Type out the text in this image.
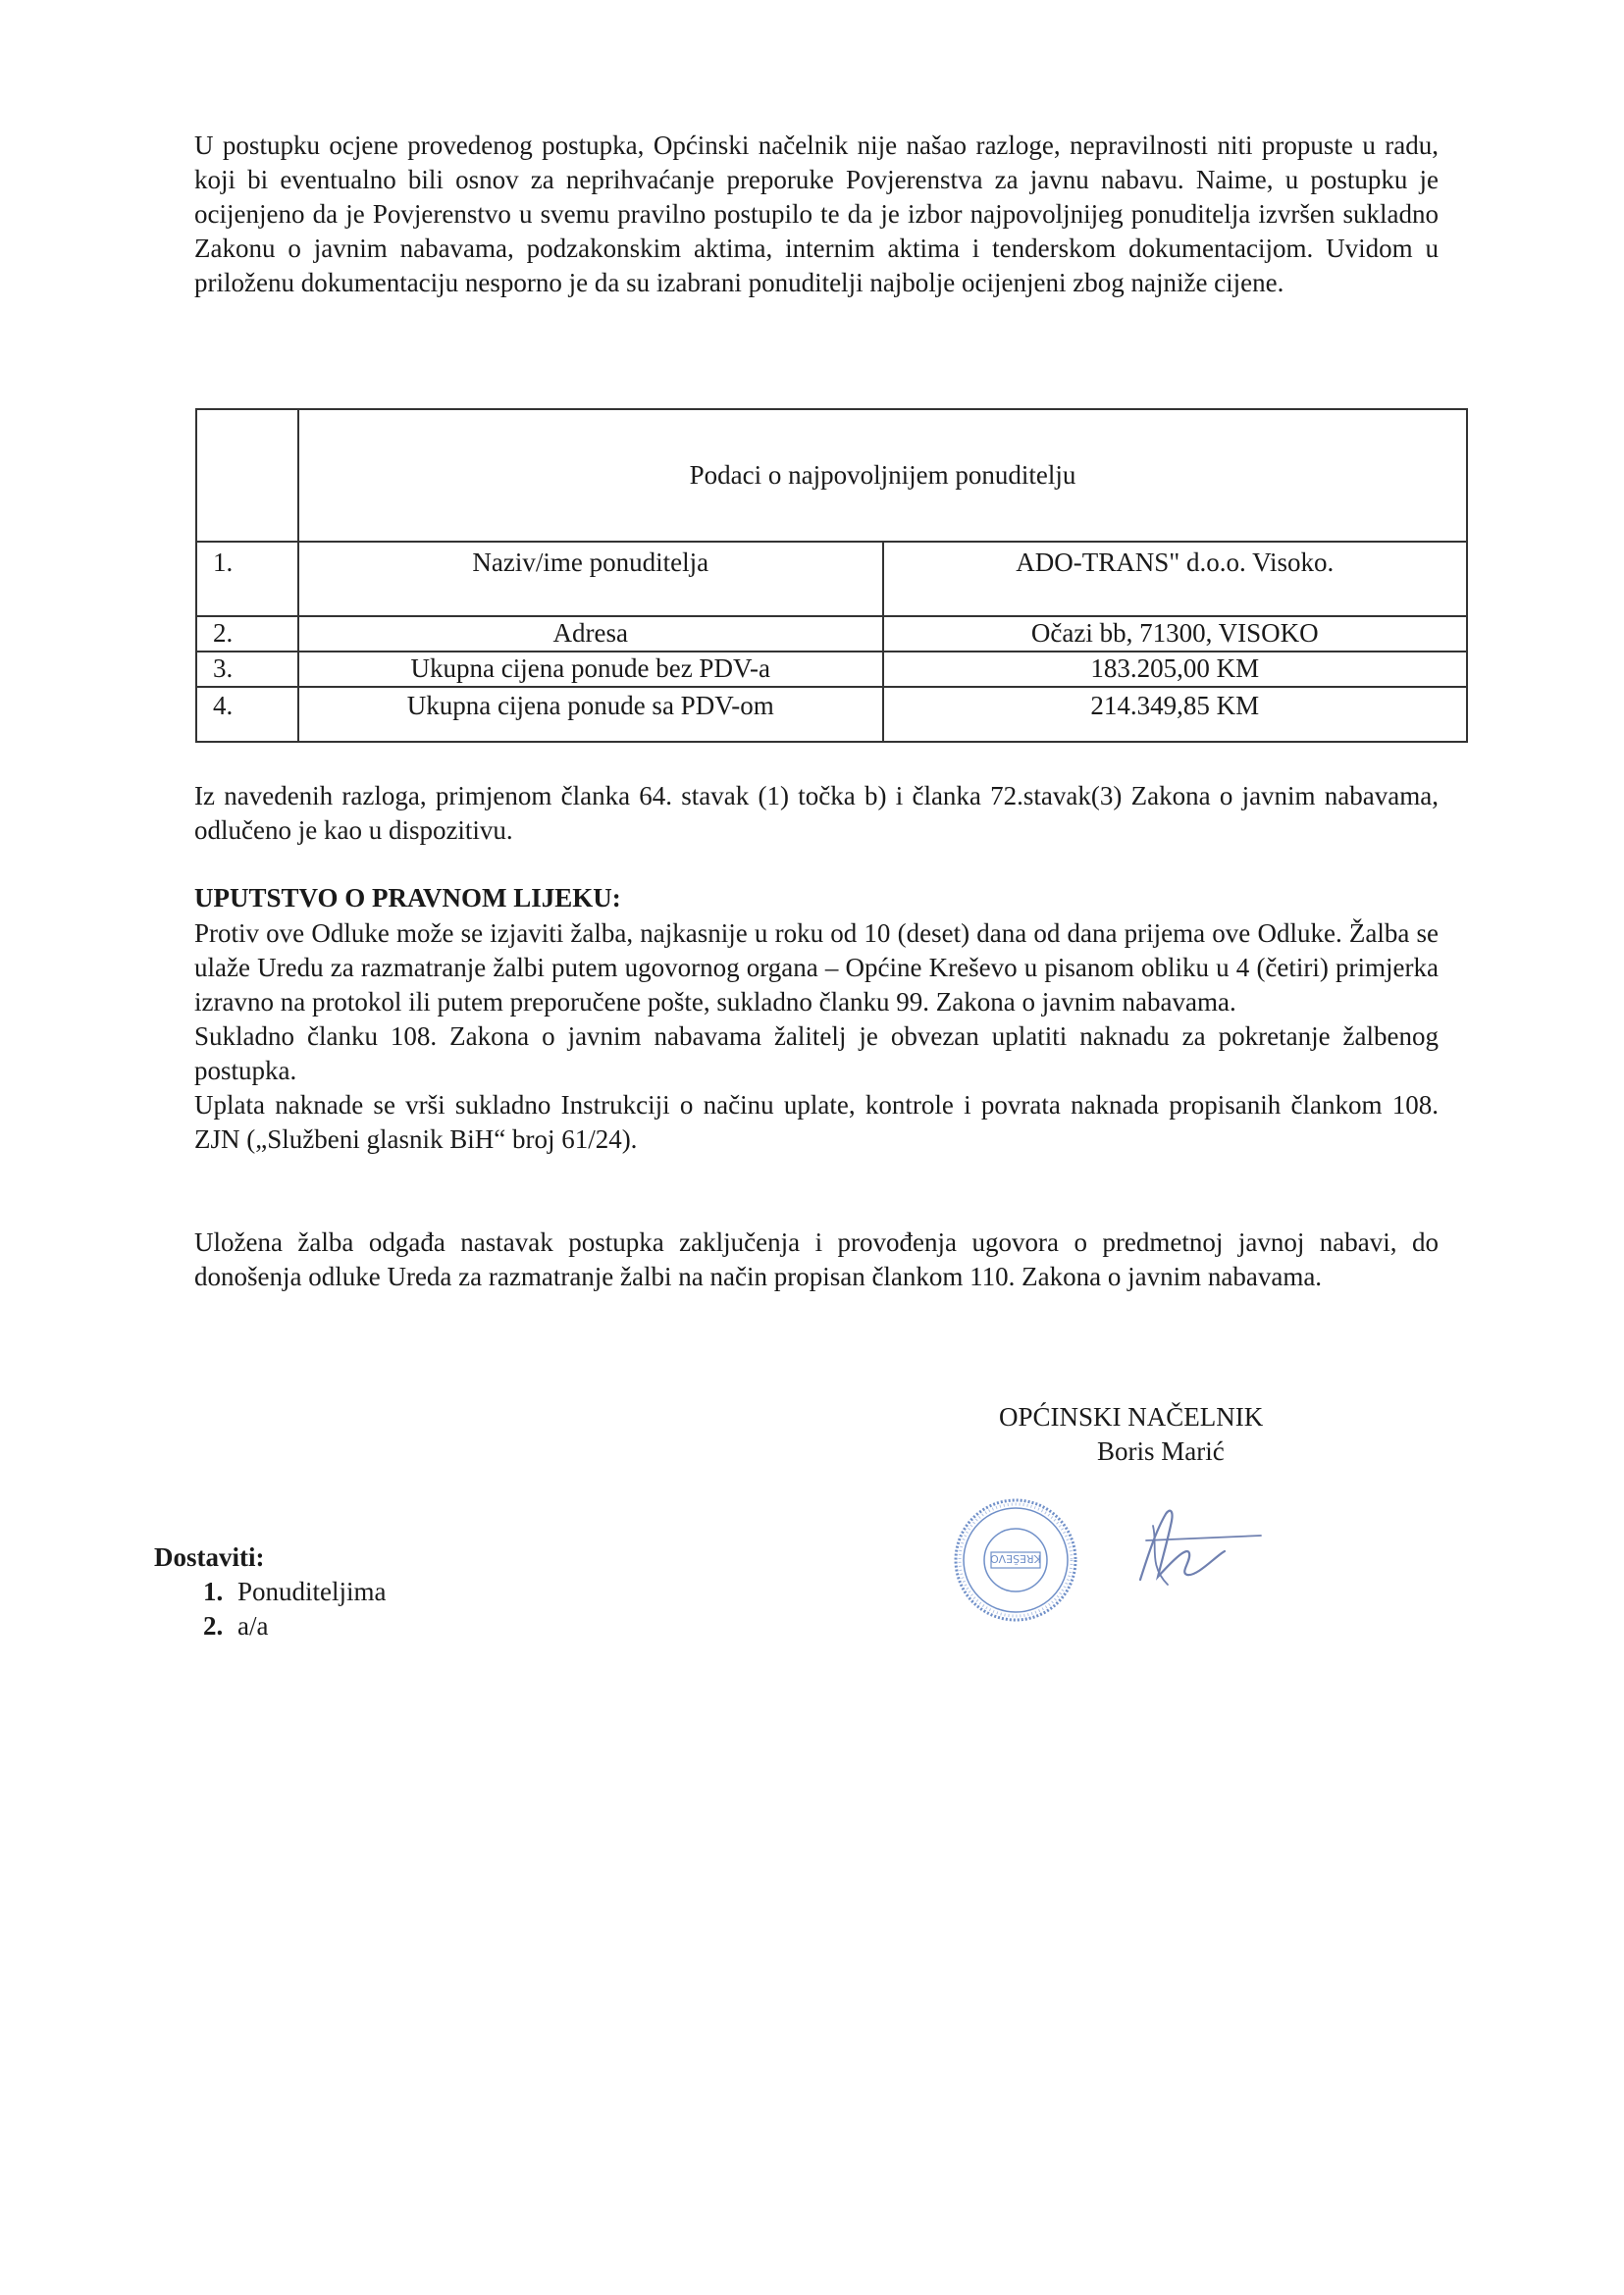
U postupku ocjene provedenog postupka, Općinski načelnik nije našao razloge, nepravilnosti niti propuste u radu, koji bi eventualno bili osnov za neprihvaćanje preporuke Povjerenstva za javnu nabavu. Naime, u postupku je ocijenjeno da je Povjerenstvo u svemu pravilno postupilo te da je izbor najpovoljnijeg ponuditelja izvršen sukladno Zakonu o javnim nabavama, podzakonskim aktima, internim aktima i tenderskom dokumentacijom. Uvidom u priloženu dokumentaciju nesporno je da su izabrani ponuditelji najbolje ocijenjeni zbog najniže cijene.

	Podaci o najpovoljnijem ponuditelju	
1.	Naziv/ime ponuditelja	ADO-TRANS" d.o.o. Visoko.
2.	Adresa	Očazi bb, 71300, VISOKO
3.	Ukupna cijena ponude bez PDV-a	183.205,00 KM
4.	Ukupna cijena ponude sa PDV-om	214.349,85 KM

Iz navedenih razloga, primjenom članka 64. stavak (1) točka b) i članka 72.stavak(3) Zakona o javnim nabavama, odlučeno je kao u dispozitivu.

UPUTSTVO O PRAVNOM LIJEKU:

Protiv ove Odluke može se izjaviti žalba, najkasnije u roku od 10 (deset) dana od dana prijema ove Odluke. Žalba se ulaže Uredu za razmatranje žalbi putem ugovornog organa – Općine Kreševo u pisanom obliku u 4 (četiri) primjerka izravno na protokol ili putem preporučene pošte, sukladno članku 99. Zakona o javnim nabavama.
Sukladno članku 108. Zakona o javnim nabavama žalitelj je obvezan uplatiti naknadu za pokretanje žalbenog postupka.
Uplata naknade se vrši sukladno Instrukciji o načinu uplate, kontrole i povrata naknada propisanih člankom 108. ZJN („Službeni glasnik BiH“ broj 61/24).

Uložena žalba odgađa nastavak postupka zaključenja i provođenja ugovora o predmetnoj javnoj nabavi, do donošenja odluke Ureda za razmatranje žalbi na način propisan člankom 110. Zakona o javnim nabavama.

OPĆINSKI NAČELNIK
Boris Marić
KREŠEVO
Dostaviti:
1. Ponuditeljima
2. a/a
